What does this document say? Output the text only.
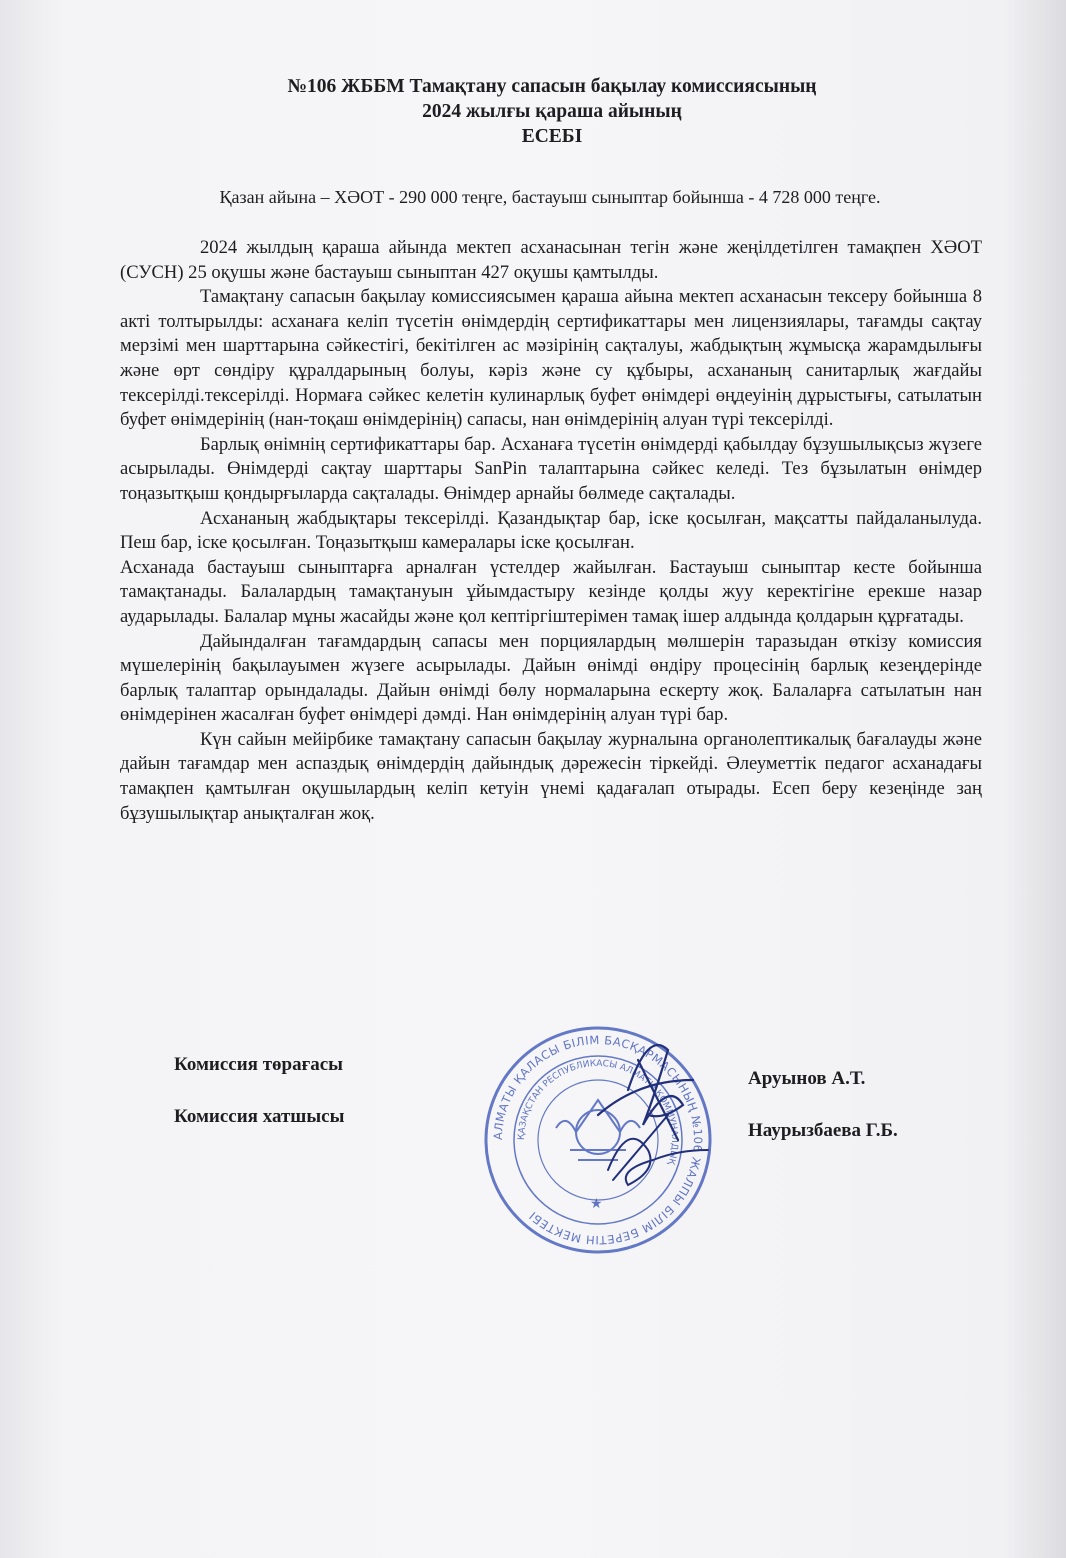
№106 ЖББМ Тамақтану сапасын бақылау комиссиясының
2024 жылғы қараша айының
ЕСЕБІ
Қазан айына – ХӘОТ - 290 000 теңге, бастауыш сыныптар бойынша - 4 728 000 теңге.

2024 жылдың қараша айында мектеп асханасынан тегін және жеңілдетілген тамақпен ХӘОТ (СУСН) 25 оқушы және бастауыш сыныптан 427 оқушы қамтылды.

Тамақтану сапасын бақылау комиссиясымен қараша айына мектеп асханасын тексеру бойынша 8 акті толтырылды: асханаға келіп түсетін өнімдердің сертификаттары мен лицензиялары, тағамды сақтау мерзімі мен шарттарына сәйкестігі, бекітілген ас мәзірінің сақталуы, жабдықтың жұмысқа жарамдылығы және өрт сөндіру құралдарының болуы, кәріз және су құбыры, асхананың санитарлық жағдайы тексерілді.тексерілді. Нормаға сәйкес келетін кулинарлық буфет өнімдері өңдеуінің дұрыстығы, сатылатын буфет өнімдерінің (нан-тоқаш өнімдерінің) сапасы, нан өнімдерінің алуан түрі тексерілді.

Барлық өнімнің сертификаттары бар. Асханаға түсетін өнімдерді қабылдау бұзушылықсыз жүзеге асырылады. Өнімдерді сақтау шарттары SanPin талаптарына сәйкес келеді. Тез бұзылатын өнімдер тоңазытқыш қондырғыларда сақталады. Өнімдер арнайы бөлмеде сақталады.

Асхананың жабдықтары тексерілді. Қазандықтар бар, іске қосылған, мақсатты пайдаланылуда. Пеш бар, іске қосылған. Тоңазытқыш камералары іске қосылған.

Асханада бастауыш сыныптарға арналған үстелдер жайылған. Бастауыш сыныптар кесте бойынша тамақтанады. Балалардың тамақтануын ұйымдастыру кезінде қолды жуу керектігіне ерекше назар аударылады. Балалар мұны жасайды және қол кептіргіштерімен тамақ ішер алдында қолдарын құрғатады.

Дайындалған тағамдардың сапасы мен порциялардың мөлшерін таразыдан өткізу комиссия мүшелерінің бақылауымен жүзеге асырылады. Дайын өнімді өндіру процесінің барлық кезеңдерінде барлық талаптар орындалады. Дайын өнімді бөлу нормаларына ескерту жоқ. Балаларға сатылатын нан өнімдерінен жасалған буфет өнімдері дәмді. Нан өнімдерінің алуан түрі бар.

Күн сайын мейірбике тамақтану сапасын бақылау журналына органолептикалық бағалауды және дайын тағамдар мен аспаздық өнімдердің дайындық дәрежесін тіркейді. Әлеуметтік педагог асханадағы тамақпен қамтылған оқушылардың келіп кетуін үнемі қадағалап отырады. Есеп беру кезеңінде заң бұзушылықтар анықталған жоқ.

Комиссия төрағасы
Комиссия хатшысы
Аруынов А.Т.
Наурызбаева Г.Б.
АЛМАТЫ ҚАЛАСЫ БІЛІМ БАСҚАРМАСЫНЫҢ №106 ЖАЛПЫ БІЛІМ БЕРЕТІН МЕКТЕБІ
ҚАЗАҚСТАН РЕСПУБЛИКАСЫ АЛМАТЫ КОММУНАЛДЫҚ
★
